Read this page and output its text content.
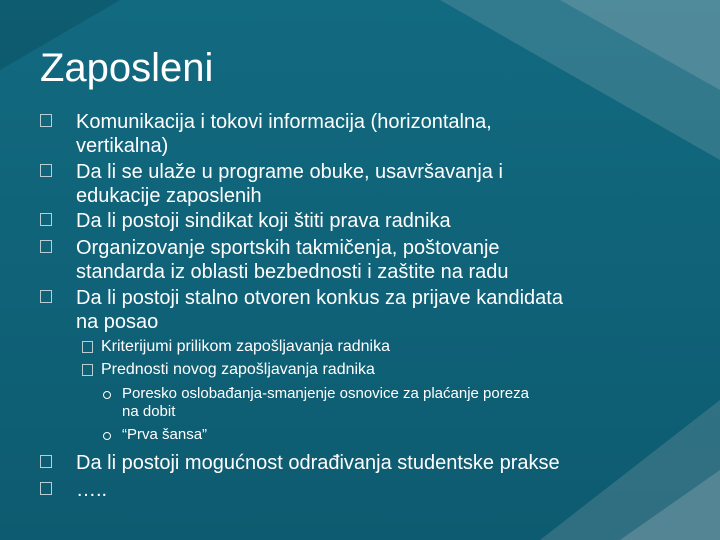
Zaposleni
Komunikacija i tokovi informacija (horizontalna,
vertikalna)
Da li se ulaže u programe obuke, usavršavanja i
edukacije zaposlenih
Da li postoji sindikat koji štiti prava radnika
Organizovanje sportskih takmičenja, poštovanje
standarda iz oblasti bezbednosti i zaštite na radu
Da li postoji stalno otvoren konkus za prijave kandidata
na posao
Kriterijumi prilikom zapošljavanja radnika
Prednosti novog zapošljavanja radnika
Poresko oslobađanja-smanjenje osnovice za plaćanje poreza
na dobit
“Prva šansa”
Da li postoji mogućnost odrađivanja studentske prakse
…..
